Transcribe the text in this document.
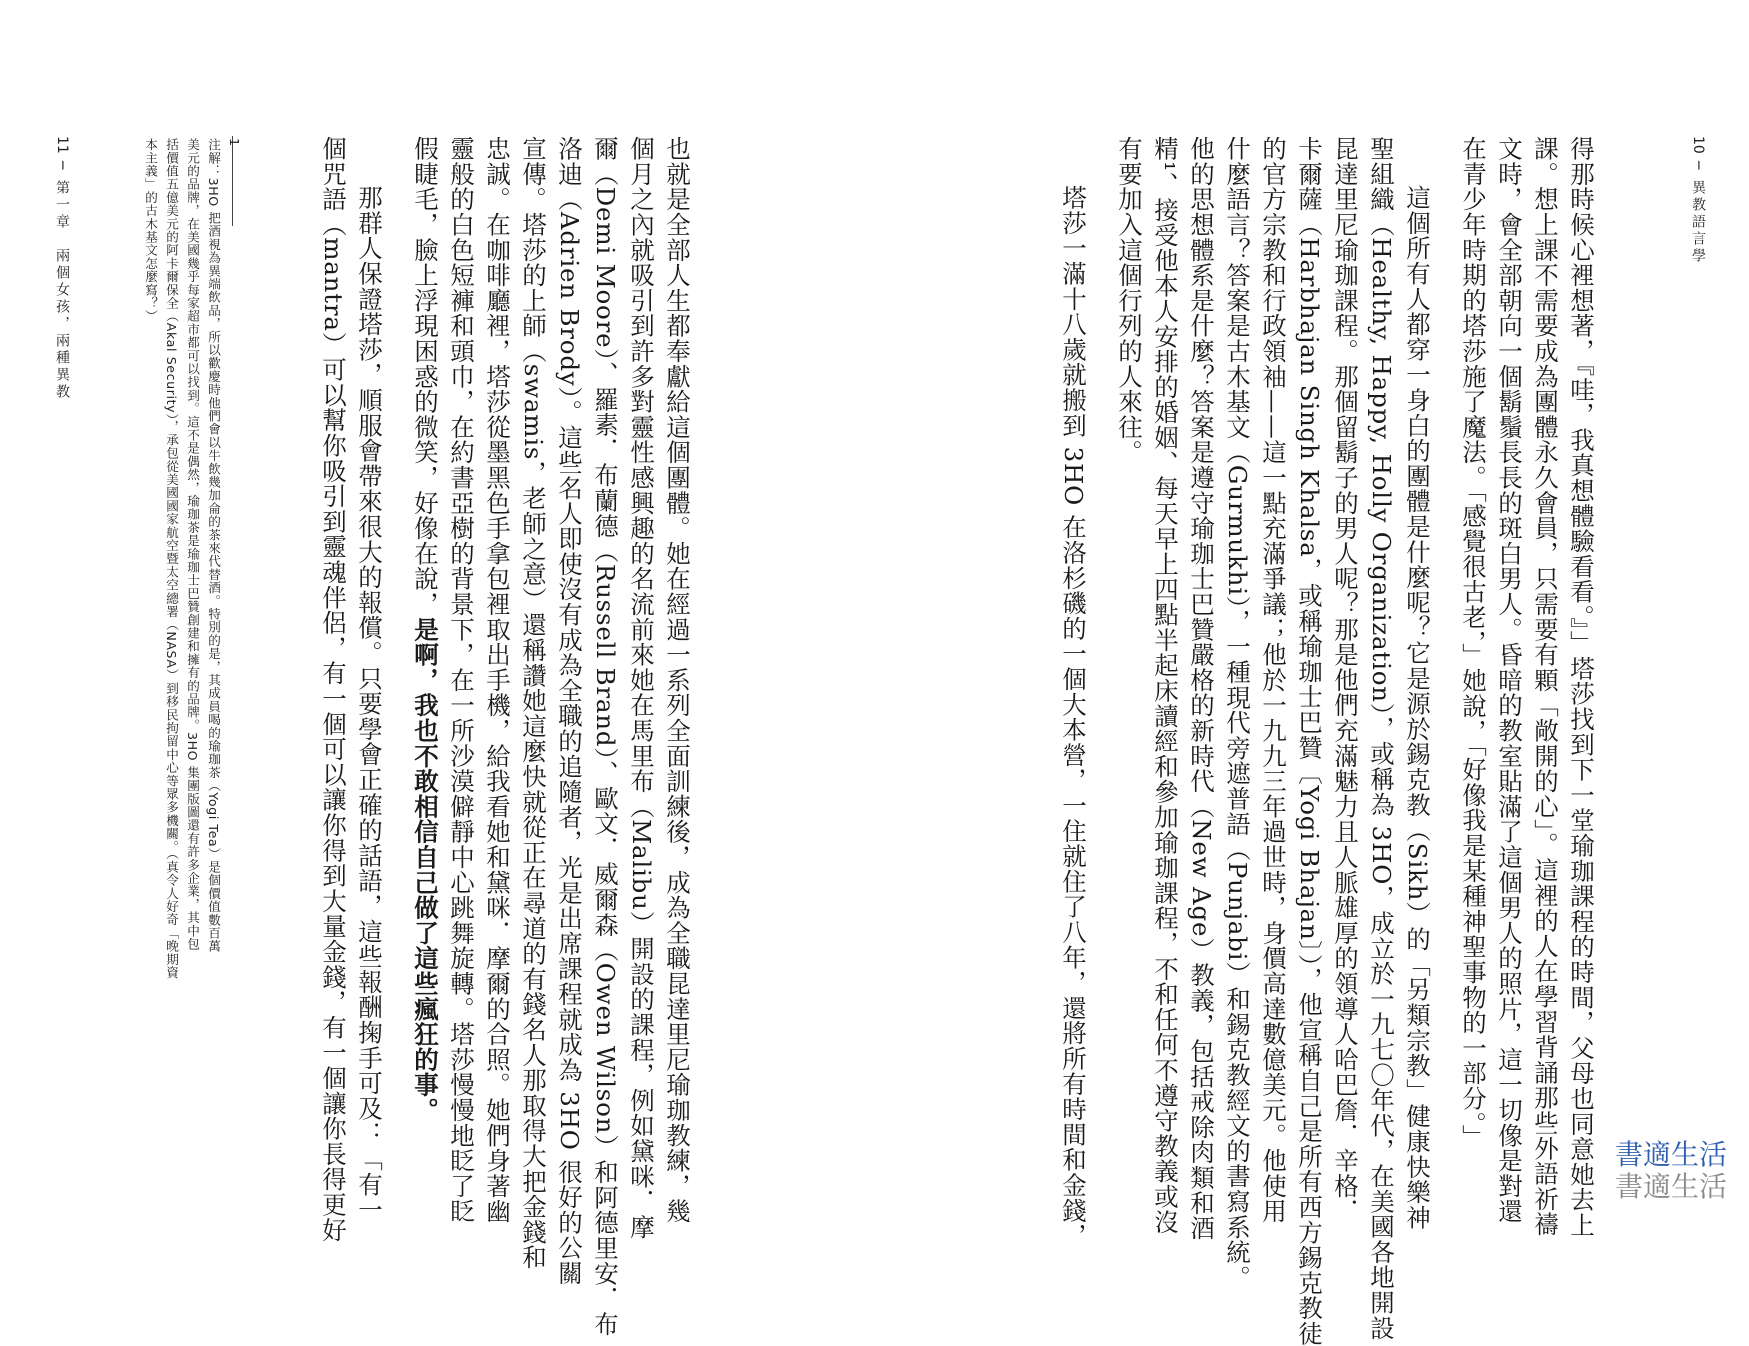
10 ─ 異教語言學
得那時候心裡想著，『哇，我真想體驗看看。』」塔莎找到下一堂瑜珈課程的時間，父母也同意她去上
課。想上課不需要成為團體永久會員，只需要有顆「敞開的心」。這裡的人在學習背誦那些外語祈禱
文時，會全部朝向一個鬍鬚長長的斑白男人。昏暗的教室貼滿了這個男人的照片，這一切像是對還
在青少年時期的塔莎施了魔法。「感覺很古老，」她說，「好像我是某種神聖事物的一部分。」
這個所有人都穿一身白的團體是什麼呢？它是源於錫克教（Sikh）的「另類宗教」健康快樂神
聖組織（Healthy, Happy, Holly Organization），或稱為 3HO，成立於一九七〇年代，在美國各地開設
昆達里尼瑜珈課程。那個留鬍子的男人呢？那是他們充滿魅力且人脈雄厚的領導人哈巴詹．辛格．
卡爾薩（Harbhajan Singh Khalsa，或稱瑜珈士巴贊〔Yogi Bhajan〕），他宣稱自己是所有西方錫克教徒
的官方宗教和行政領袖——這一點充滿爭議；他於一九九三年過世時，身價高達數億美元。他使用
什麼語言？答案是古木基文（Gurmukhi），一種現代旁遮普語（Punjabi）和錫克教經文的書寫系統。
他的思想體系是什麼？答案是遵守瑜珈士巴贊嚴格的新時代（New Age）教義，包括戒除肉類和酒
精¹、接受他本人安排的婚姻、每天早上四點半起床讀經和參加瑜珈課程，不和任何不遵守教義或沒
有要加入這個行列的人來往。
塔莎一滿十八歲就搬到 3HO 在洛杉磯的一個大本營，一住就住了八年，還將所有時間和金錢，
也就是全部人生都奉獻給這個團體。她在經過一系列全面訓練後，成為全職昆達里尼瑜珈教練，幾
個月之內就吸引到許多對靈性感興趣的名流前來她在馬里布（Malibu）開設的課程，例如黛咪．摩
爾（Demi Moore）、羅素．布蘭德（Russell Brand）、歐文．威爾森（Owen Wilson）和阿德里安．布
洛迪（Adrien Brody）。這些名人即使沒有成為全職的追隨者，光是出席課程就成為 3HO 很好的公關
宣傳。塔莎的上師（swamis，老師之意）還稱讚她這麼快就從正在尋道的有錢名人那取得大把金錢和
忠誠。在咖啡廳裡，塔莎從墨黑色手拿包裡取出手機，給我看她和黛咪．摩爾的合照。她們身著幽
靈般的白色短褲和頭巾，在約書亞樹的背景下，在一所沙漠僻靜中心跳舞旋轉。塔莎慢慢地眨了眨
假睫毛，臉上浮現困惑的微笑，好像在說，是啊，我也不敢相信自己做了這些瘋狂的事。
那群人保證塔莎，順服會帶來很大的報償。只要學會正確的話語，這些報酬掬手可及：「有一
個咒語（mantra）可以幫你吸引到靈魂伴侶，有一個可以讓你得到大量金錢，有一個讓你長得更好
1
注解：3HO 把酒視為異端飲品，所以歡慶時他們會以牛飲幾加侖的茶來代替酒。特別的是，其成員喝的瑜珈茶（Yogi Tea）是個價值數百萬
美元的品牌，在美國幾乎每家超市都可以找到。這不是偶然，瑜珈茶是瑜珈士巴贊創建和擁有的品牌。3HO 集團版圖還有許多企業，其中包
括價值五億美元的阿卡爾保全（Akal Security），承包從美國國家航空暨太空總署（NASA）到移民拘留中心等眾多機關。（真令人好奇「晚期資
本主義」的古木基文怎麼寫？）
11 ─ 第一章　兩個女孩，兩種異教
書適生活
書適生活
